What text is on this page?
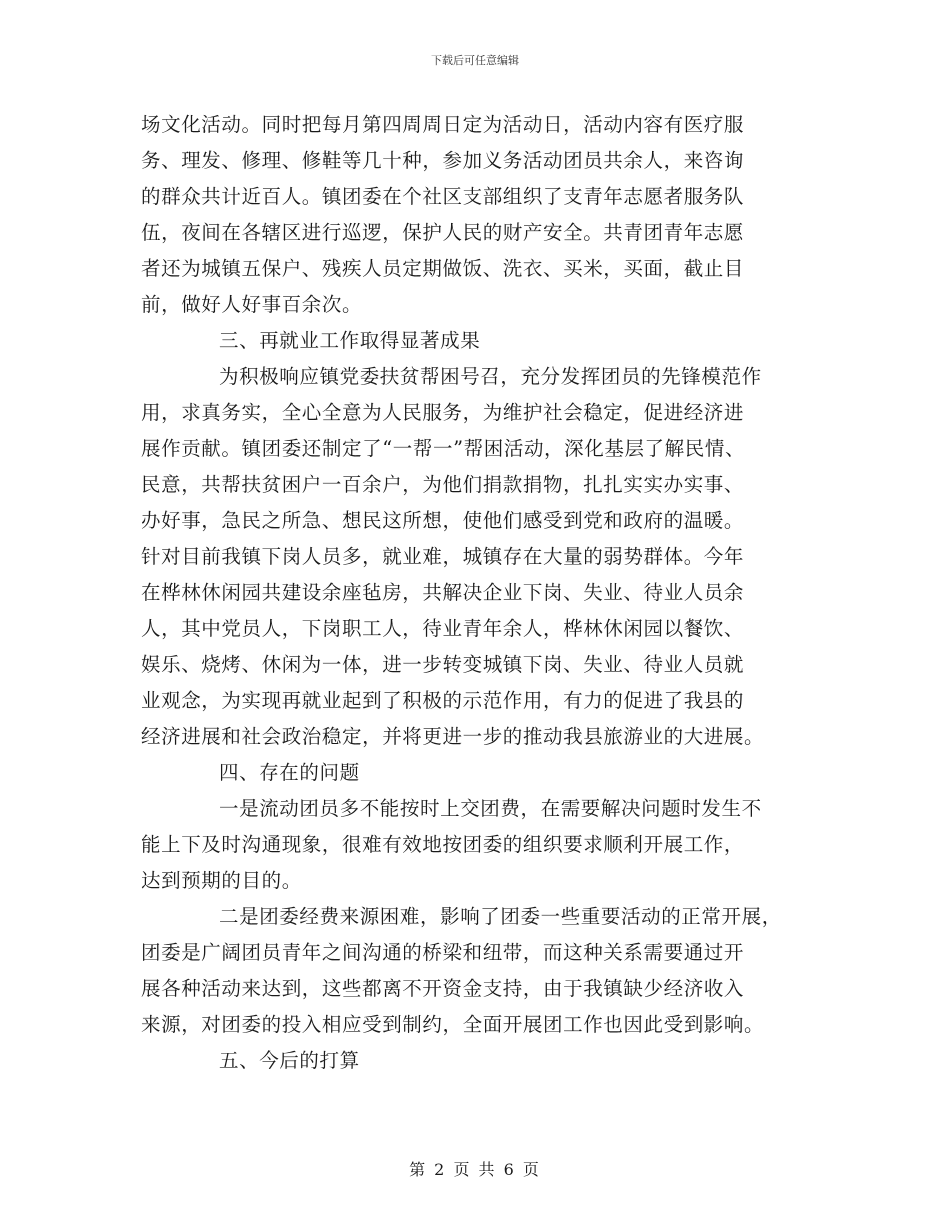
下载后可任意编辑
场文化活动。同时把每月第四周周日定为活动日，活动内容有医疗服
务、理发、修理、修鞋等几十种，参加义务活动团员共余人，来咨询
的群众共计近百人。镇团委在个社区支部组织了支青年志愿者服务队
伍，夜间在各辖区进行巡逻，保护人民的财产安全。共青团青年志愿
者还为城镇五保户、残疾人员定期做饭、洗衣、买米，买面，截止目
前，做好人好事百余次。
三、再就业工作取得显著成果
为积极响应镇党委扶贫帮困号召，充分发挥团员的先锋模范作
用，求真务实，全心全意为人民服务，为维护社会稳定，促进经济进
展作贡献。镇团委还制定了“一帮一”帮困活动，深化基层了解民情、
民意，共帮扶贫困户一百余户，为他们捐款捐物，扎扎实实办实事、
办好事，急民之所急、想民这所想，使他们感受到党和政府的温暖。
针对目前我镇下岗人员多，就业难，城镇存在大量的弱势群体。今年
在桦林休闲园共建设余座毡房，共解决企业下岗、失业、待业人员余
人，其中党员人，下岗职工人，待业青年余人，桦林休闲园以餐饮、
娱乐、烧烤、休闲为一体，进一步转变城镇下岗、失业、待业人员就
业观念，为实现再就业起到了积极的示范作用，有力的促进了我县的
经济进展和社会政治稳定，并将更进一步的推动我县旅游业的大进展。
四、存在的问题
一是流动团员多不能按时上交团费，在需要解决问题时发生不
能上下及时沟通现象，很难有效地按团委的组织要求顺利开展工作，
达到预期的目的。
二是团委经费来源困难，影响了团委一些重要活动的正常开展，
团委是广阔团员青年之间沟通的桥梁和纽带，而这种关系需要通过开
展各种活动来达到，这些都离不开资金支持，由于我镇缺少经济收入
来源，对团委的投入相应受到制约，全面开展团工作也因此受到影响。
五、今后的打算
第 2 页 共 6 页
